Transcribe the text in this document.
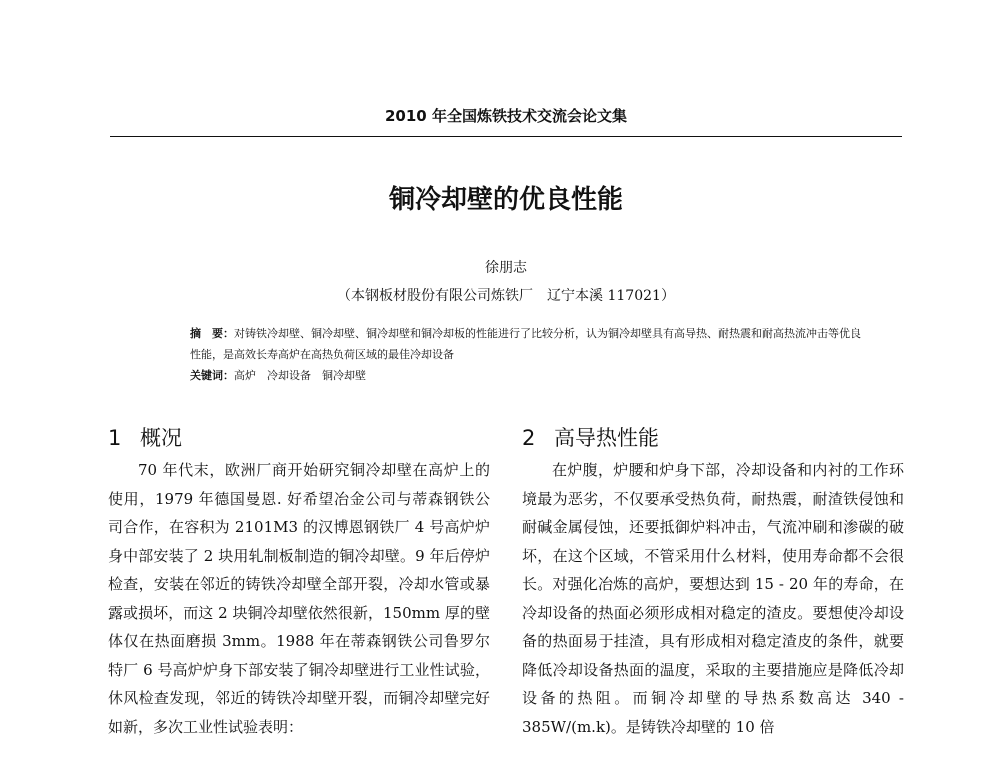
2010 年全国炼铁技术交流会论文集
铜冷却壁的优良性能
徐朋志
（本钢板材股份有限公司炼铁厂　辽宁本溪 117021）
摘　要：对铸铁冷却壁、铜冷却壁、铜冷却壁和铜冷却板的性能进行了比较分析，认为铜冷却壁具有高导热、耐热震和耐高热流冲击等优良性能，是高效长寿高炉在高热负荷区域的最佳冷却设备
关键词：高炉　冷却设备　铜冷却壁
1 概况

70 年代末，欧洲厂商开始研究铜冷却壁在高炉上的使用，1979 年德国曼恩. 好希望冶金公司与蒂森钢铁公司合作，在容积为 2101M3 的汉博恩钢铁厂 4 号高炉炉身中部安装了 2 块用轧制板制造的铜冷却壁。9 年后停炉检查，安装在邻近的铸铁冷却壁全部开裂，冷却水管或暴露或损坏，而这 2 块铜冷却壁依然很新，150mm 厚的壁体仅在热面磨损 3mm。1988 年在蒂森钢铁公司鲁罗尔特厂 6 号高炉炉身下部安装了铜冷却壁进行工业性试验，休风检查发现，邻近的铸铁冷却壁开裂，而铜冷却壁完好如新，多次工业性试验表明：

2 高导热性能

在炉腹，炉腰和炉身下部，冷却设备和内衬的工作环境最为恶劣，不仅要承受热负荷，耐热震，耐渣铁侵蚀和耐碱金属侵蚀，还要抵御炉料冲击，气流冲刷和渗碳的破坏，在这个区域，不管采用什么材料，使用寿命都不会很长。对强化冶炼的高炉，要想达到 15 - 20 年的寿命，在冷却设备的热面必须形成相对稳定的渣皮。要想使冷却设备的热面易于挂渣，具有形成相对稳定渣皮的条件，就要降低冷却设备热面的温度，采取的主要措施应是降低冷却设备的热阻。而铜冷却壁的导热系数高达 340 - 385W/(m.k)。是铸铁冷却壁的 10 倍
